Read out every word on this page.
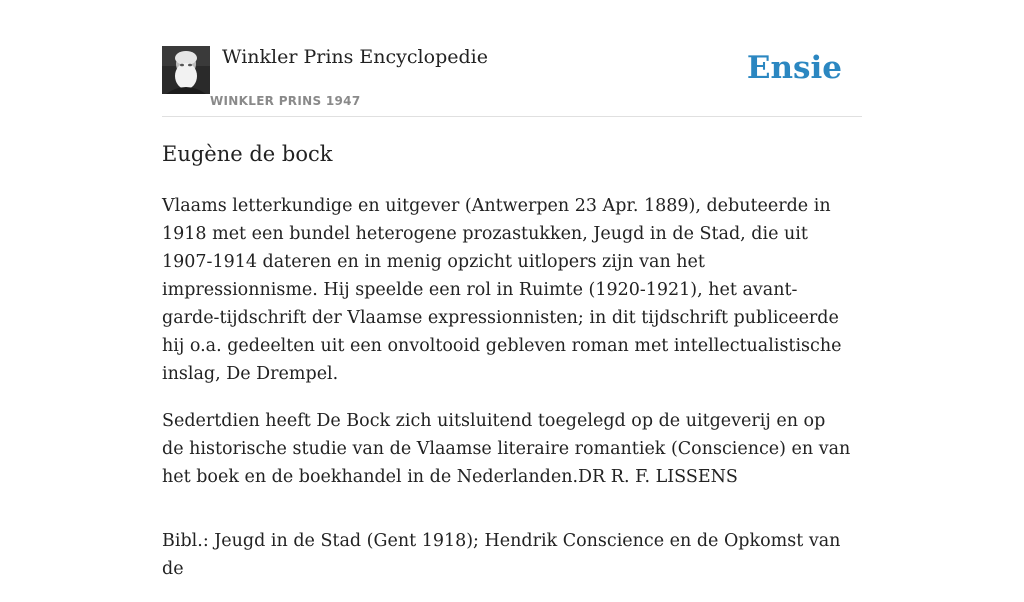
Winkler Prins Encyclopedie
WINKLER PRINS 1947
Ensie
Eugène de bock

Vlaams letterkundige en uitgever (Antwerpen 23 Apr. 1889), debuteerde in 1918 met een bundel heterogene prozastukken, Jeugd in de Stad, die uit 1907-1914 dateren en in menig opzicht uitlopers zijn van het impressionnisme. Hij speelde een rol in Ruimte (1920-1921), het avant-garde-tijdschrift der Vlaamse expressionnisten; in dit tijdschrift publiceerde hij o.a. gedeelten uit een onvoltooid gebleven roman met intellectualistische inslag, De Drempel.

Sedertdien heeft De Bock zich uitsluitend toegelegd op de uitgeverij en op de historische studie van de Vlaamse literaire romantiek (Conscience) en van het boek en de boekhandel in de Nederlanden.DR R. F. LISSENS

Bibl.: Jeugd in de Stad (Gent 1918); Hendrik Conscience en de Opkomst van de
